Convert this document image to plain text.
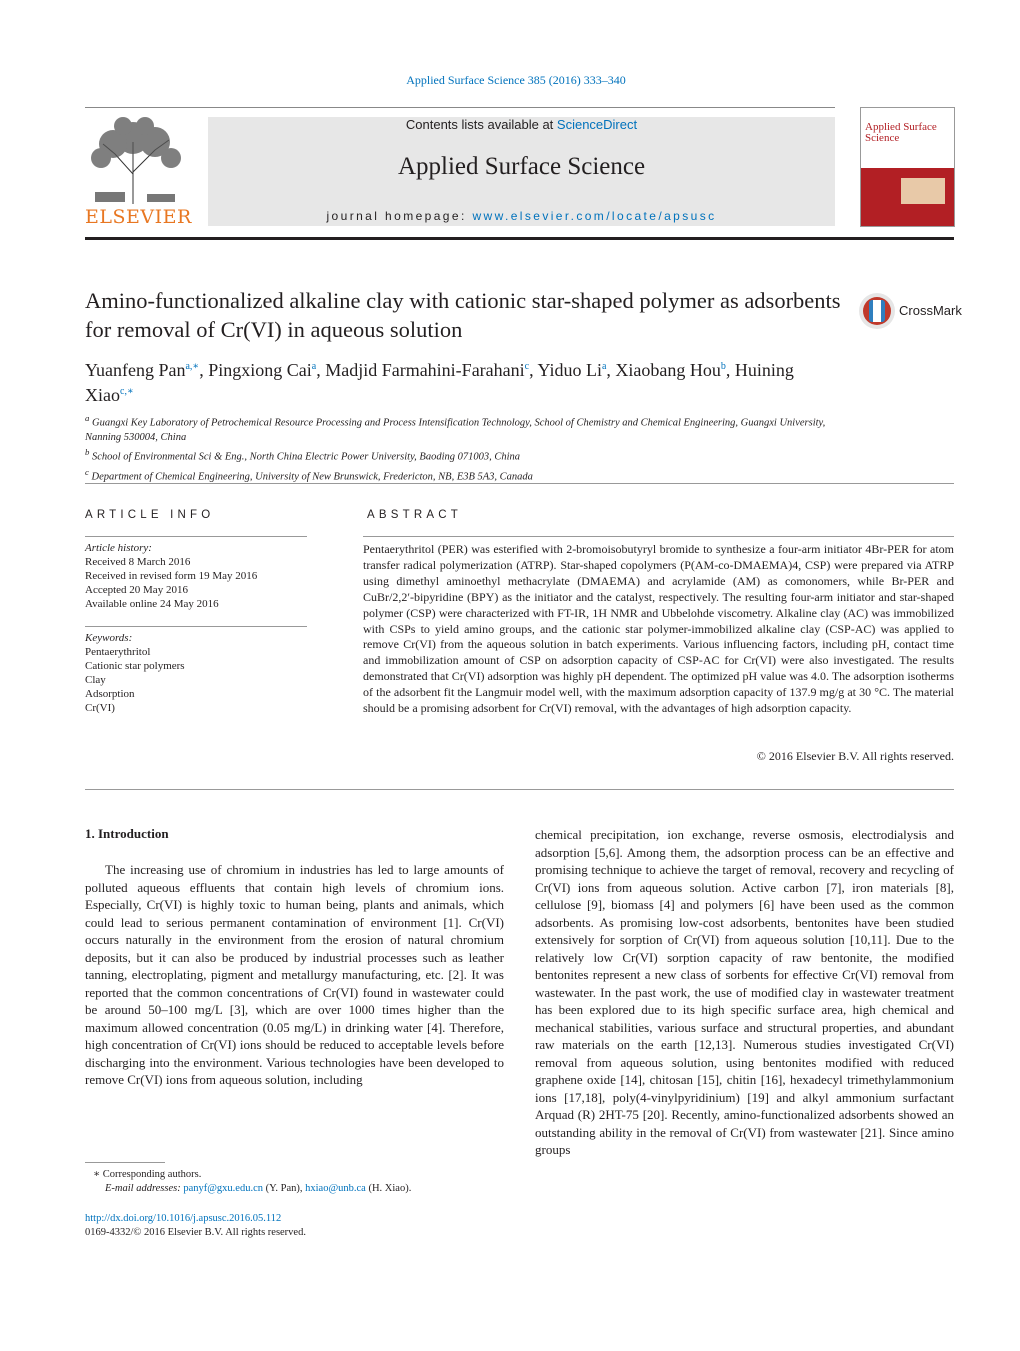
Applied Surface Science 385 (2016) 333–340
ELSEVIER
Contents lists available at ScienceDirect
Applied Surface Science
journal homepage: www.elsevier.com/locate/apsusc
Applied Surface Science
Amino-functionalized alkaline clay with cationic star-shaped polymer as adsorbents for removal of Cr(VI) in aqueous solution
CrossMark
Yuanfeng Pan$^{a,∗}$, Pingxiong Cai$^a$, Madjid Farmahini-Farahani$^c$, Yiduo Li$^a$, Xiaobang Hou$^b$, Huining Xiao$^{c,∗}$
$^a$ Guangxi Key Laboratory of Petrochemical Resource Processing and Process Intensification Technology, School of Chemistry and Chemical Engineering, Guangxi University, Nanning 530004, China
$^b$ School of Environmental Sci & Eng., North China Electric Power University, Baoding 071003, China
$^c$ Department of Chemical Engineering, University of New Brunswick, Fredericton, NB, E3B 5A3, Canada
ARTICLE INFO
Article history:
Received 8 March 2016
Received in revised form 19 May 2016
Accepted 20 May 2016
Available online 24 May 2016
Keywords:
Pentaerythritol
Cationic star polymers
Clay
Adsorption
Cr(VI)
ABSTRACT
Pentaerythritol (PER) was esterified with 2-bromoisobutyryl bromide to synthesize a four-arm initiator 4Br-PER for atom transfer radical polymerization (ATRP). Star-shaped copolymers (P(AM-co-DMAEMA)4, CSP) were prepared via ATRP using dimethyl aminoethyl methacrylate (DMAEMA) and acrylamide (AM) as comonomers, while Br-PER and CuBr/2,2′-bipyridine (BPY) as the initiator and the catalyst, respectively. The resulting four-arm initiator and star-shaped polymer (CSP) were characterized with FT-IR, 1H NMR and Ubbelohde viscometry. Alkaline clay (AC) was immobilized with CSPs to yield amino groups, and the cationic star polymer-immobilized alkaline clay (CSP-AC) was applied to remove Cr(VI) from the aqueous solution in batch experiments. Various influencing factors, including pH, contact time and immobilization amount of CSP on adsorption capacity of CSP-AC for Cr(VI) were also investigated. The results demonstrated that Cr(VI) adsorption was highly pH dependent. The optimized pH value was 4.0. The adsorption isotherms of the adsorbent fit the Langmuir model well, with the maximum adsorption capacity of 137.9 mg/g at 30 °C. The material should be a promising adsorbent for Cr(VI) removal, with the advantages of high adsorption capacity.
© 2016 Elsevier B.V. All rights reserved.
1. Introduction
The increasing use of chromium in industries has led to large amounts of polluted aqueous effluents that contain high levels of chromium ions. Especially, Cr(VI) is highly toxic to human being, plants and animals, which could lead to serious permanent contamination of environment [1]. Cr(VI) occurs naturally in the environment from the erosion of natural chromium deposits, but it can also be produced by industrial processes such as leather tanning, electroplating, pigment and metallurgy manufacturing, etc. [2]. It was reported that the common concentrations of Cr(VI) found in wastewater could be around 50–100 mg/L [3], which are over 1000 times higher than the maximum allowed concentration (0.05 mg/L) in drinking water [4]. Therefore, high concentration of Cr(VI) ions should be reduced to acceptable levels before discharging into the environment. Various technologies have been developed to remove Cr(VI) ions from aqueous solution, including
chemical precipitation, ion exchange, reverse osmosis, electrodialysis and adsorption [5,6]. Among them, the adsorption process can be an effective and promising technique to achieve the target of removal, recovery and recycling of Cr(VI) ions from aqueous solution. Active carbon [7], iron materials [8], cellulose [9], biomass [4] and polymers [6] have been used as the common adsorbents. As promising low-cost adsorbents, bentonites have been studied extensively for sorption of Cr(VI) from aqueous solution [10,11]. Due to the relatively low Cr(VI) sorption capacity of raw bentonite, the modified bentonites represent a new class of sorbents for effective Cr(VI) removal from wastewater. In the past work, the use of modified clay in wastewater treatment has been explored due to its high specific surface area, high chemical and mechanical stabilities, various surface and structural properties, and abundant raw materials on the earth [12,13]. Numerous studies investigated Cr(VI) removal from aqueous solution, using bentonites modified with reduced graphene oxide [14], chitosan [15], chitin [16], hexadecyl trimethylammonium ions [17,18], poly(4-vinylpyridinium) [19] and alkyl ammonium surfactant Arquad (R) 2HT-75 [20]. Recently, amino-functionalized adsorbents showed an outstanding ability in the removal of Cr(VI) from wastewater [21]. Since amino groups
∗ Corresponding authors.
E-mail addresses: panyf@gxu.edu.cn (Y. Pan), hxiao@unb.ca (H. Xiao).
http://dx.doi.org/10.1016/j.apsusc.2016.05.112
0169-4332/© 2016 Elsevier B.V. All rights reserved.
